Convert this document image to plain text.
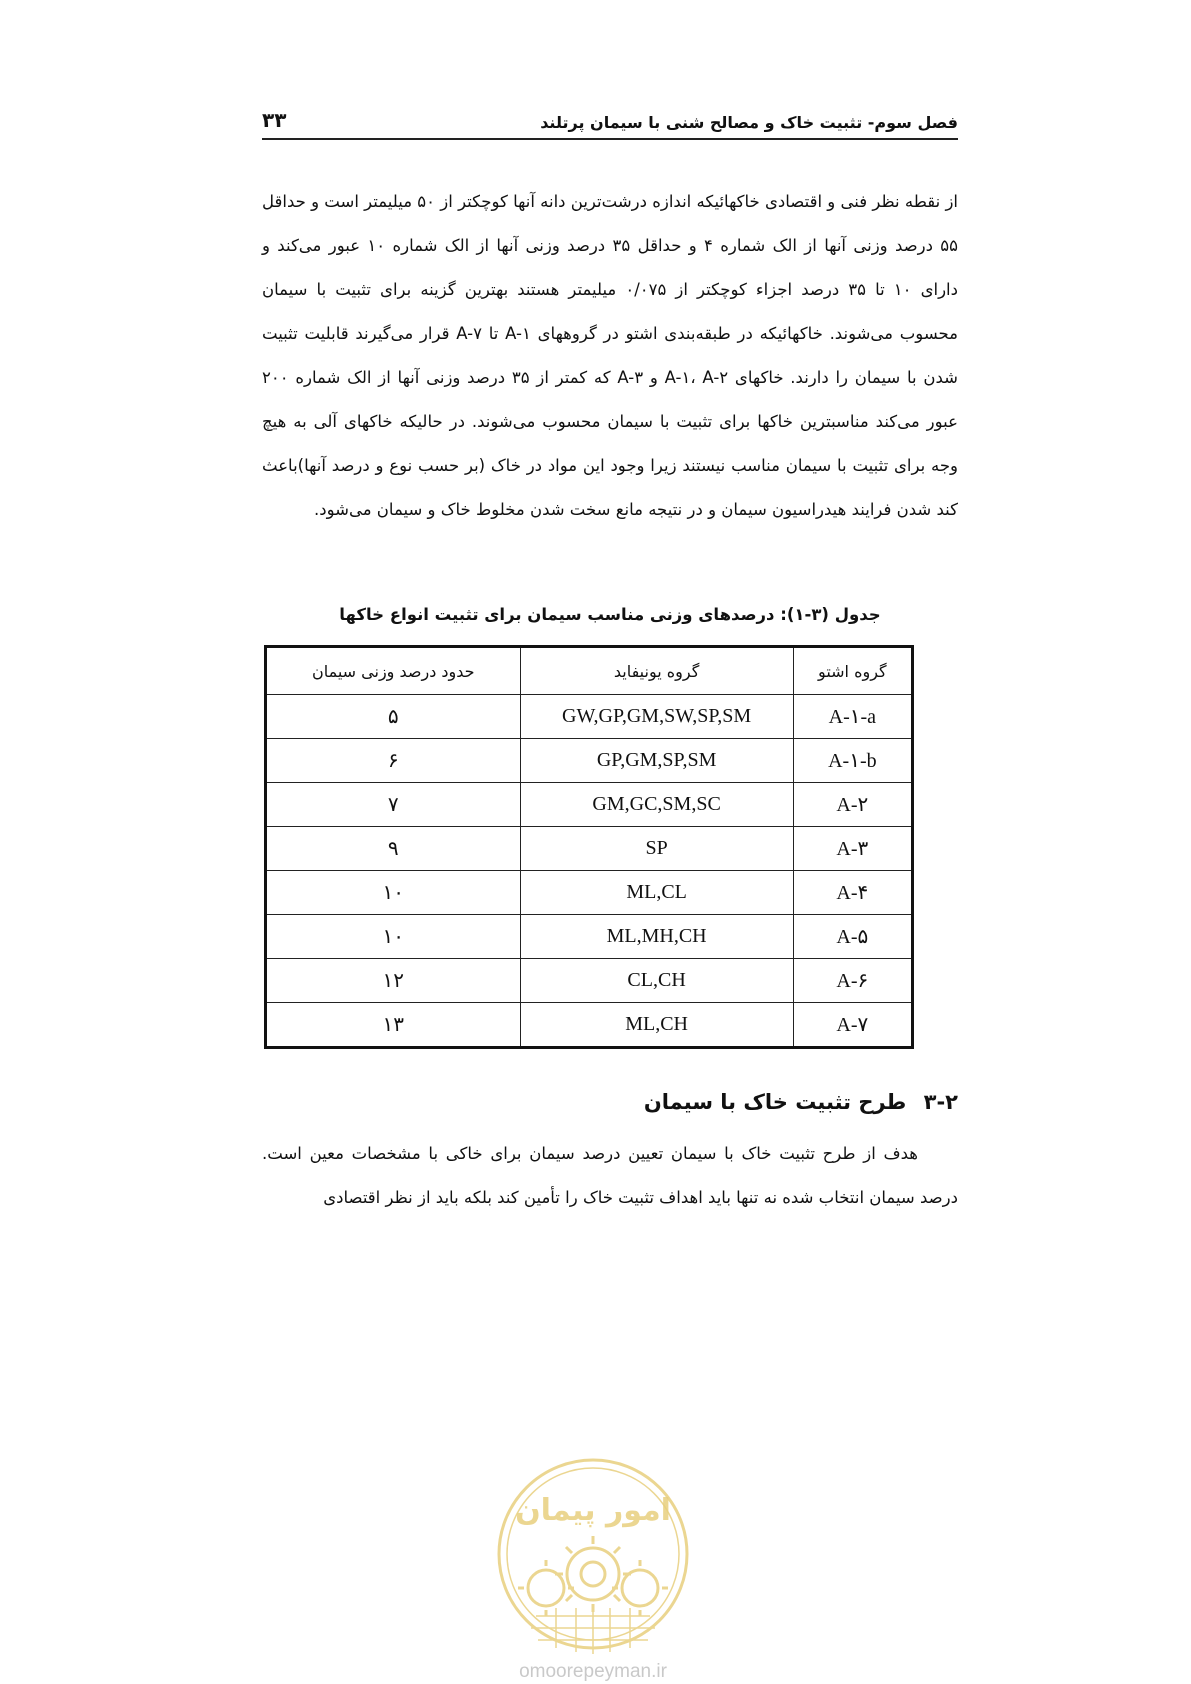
۳۳	فصل سوم- تثبیت خاک و مصالح شنی با سیمان پرتلند

از نقطه نظر فنی و اقتصادی خاکهائیکه اندازه درشت‌ترین دانه آنها کوچکتر از ۵۰ میلیمتر است و حداقل ۵۵ درصد وزنی آنها از الک شماره ۴ و حداقل ۳۵ درصد وزنی آنها از الک شماره ۱۰ عبور می‌کند و دارای ۱۰ تا ۳۵ درصد اجزاء کوچکتر از ۰/۰۷۵ میلیمتر هستند بهترین گزینه برای تثبیت با سیمان محسوب می‌شوند. خاکهائیکه در طبقه‌بندی اشتو در گروههای A-۱ تا A-۷ قرار می‌گیرند قابلیت تثبیت شدن با سیمان را دارند. خاکهای A-۱، A-۲ و A-۳ که کمتر از ۳۵ درصد وزنی آنها از الک شماره ۲۰۰ عبور می‌کند مناسبترین خاکها برای تثبیت با سیمان محسوب می‌شوند. در حالیکه خاکهای آلی به هیچ وجه برای تثبیت با سیمان مناسب نیستند زیرا وجود این مواد در خاک (بر حسب نوع و درصد آنها)باعث کند شدن فرایند هیدراسیون سیمان و در نتیجه مانع سخت شدن مخلوط خاک و سیمان می‌شود.

جدول (۳-۱): درصدهای وزنی مناسب سیمان برای تثبیت انواع خاکها
گروه اشتو	گروه یونیفاید	حدود درصد وزنی سیمان
A-۱-a	GW,GP,GM,SW,SP,SM	۵
A-۱-b	GP,GM,SP,SM	۶
A-۲	GM,GC,SM,SC	۷
A-۳	SP	۹
A-۴	ML,CL	۱۰
A-۵	ML,MH,CH	۱۰
A-۶	CL,CH	۱۲
A-۷	ML,CH	۱۳
۳-۲ طرح تثبیت خاک با سیمان

هدف از طرح تثبیت خاک با سیمان تعیین درصد سیمان برای خاکی با مشخصات معین است. درصد سیمان انتخاب شده نه تنها باید اهداف تثبیت خاک را تأمین کند بلکه باید از نظر اقتصادی

امور پیمان
omoorepeyman.ir
